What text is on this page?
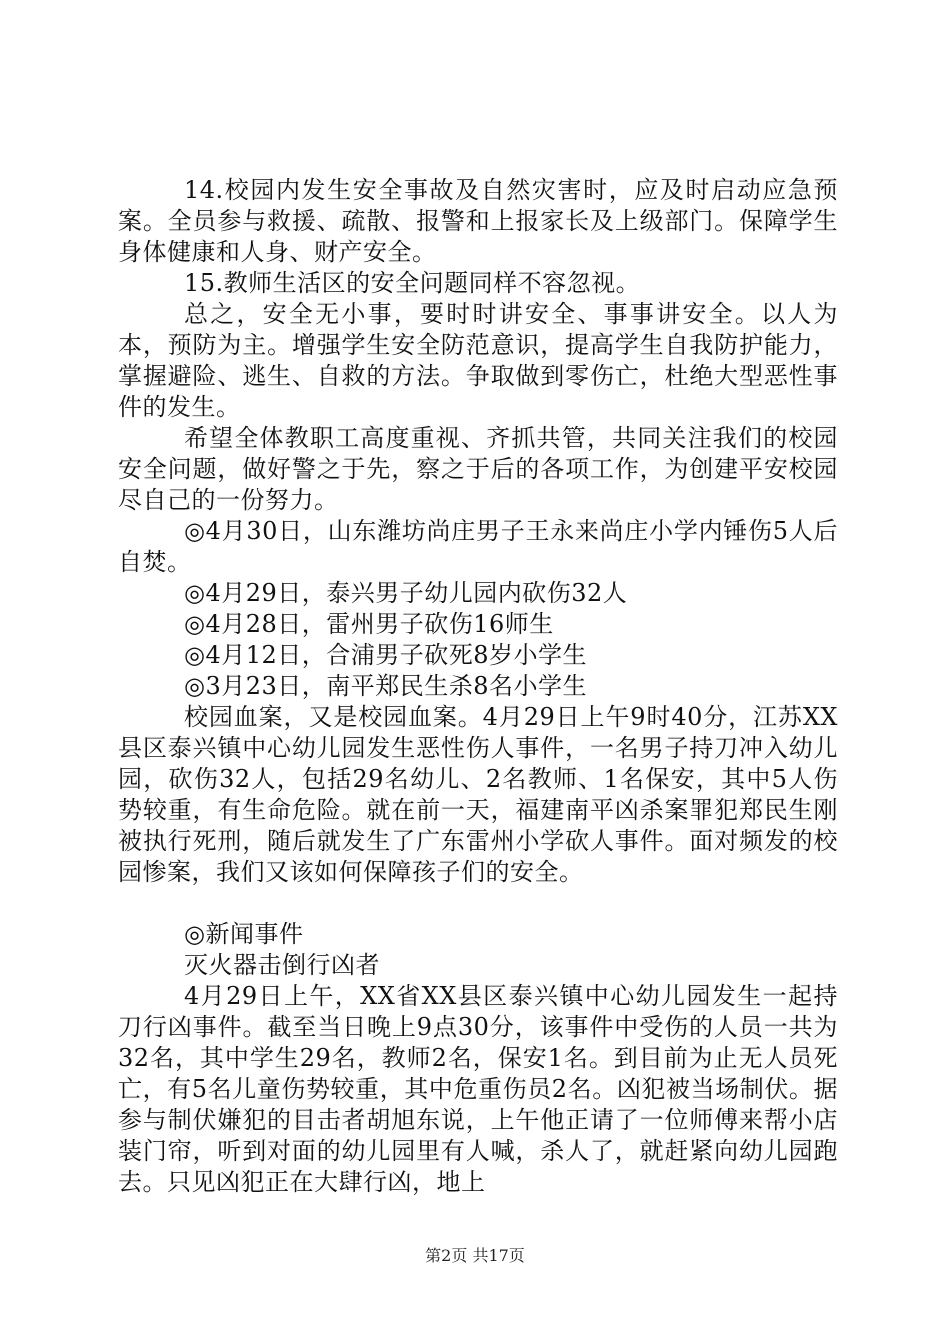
14.校园内发生安全事故及自然灾害时，应及时启动应急预案。全员参与救援、疏散、报警和上报家长及上级部门。保障学生身体健康和人身、财产安全。

15.教师生活区的安全问题同样不容忽视。

总之，安全无小事，要时时讲安全、事事讲安全。以人为本，预防为主。增强学生安全防范意识，提高学生自我防护能力，掌握避险、逃生、自救的方法。争取做到零伤亡，杜绝大型恶性事件的发生。

希望全体教职工高度重视、齐抓共管，共同关注我们的校园安全问题，做好警之于先，察之于后的各项工作，为创建平安校园尽自己的一份努力。

◎4月30日，山东潍坊尚庄男子王永来尚庄小学内锤伤5人后自焚。

◎4月29日，泰兴男子幼儿园内砍伤32人

◎4月28日，雷州男子砍伤16师生

◎4月12日，合浦男子砍死8岁小学生

◎3月23日，南平郑民生杀8名小学生

校园血案，又是校园血案。4月29日上午9时40分，江苏XX县区泰兴镇中心幼儿园发生恶性伤人事件，一名男子持刀冲入幼儿园，砍伤32人，包括29名幼儿、2名教师、1名保安，其中5人伤势较重，有生命危险。就在前一天，福建南平凶杀案罪犯郑民生刚被执行死刑，随后就发生了广东雷州小学砍人事件。面对频发的校园惨案，我们又该如何保障孩子们的安全。

◎新闻事件

灭火器击倒行凶者

4月29日上午，XX省XX县区泰兴镇中心幼儿园发生一起持刀行凶事件。截至当日晚上9点30分，该事件中受伤的人员一共为32名，其中学生29名，教师2名，保安1名。到目前为止无人员死亡，有5名儿童伤势较重，其中危重伤员2名。凶犯被当场制伏。据参与制伏嫌犯的目击者胡旭东说，上午他正请了一位师傅来帮小店装门帘，听到对面的幼儿园里有人喊，杀人了，就赶紧向幼儿园跑去。只见凶犯正在大肆行凶，地上

第2页 共17页
